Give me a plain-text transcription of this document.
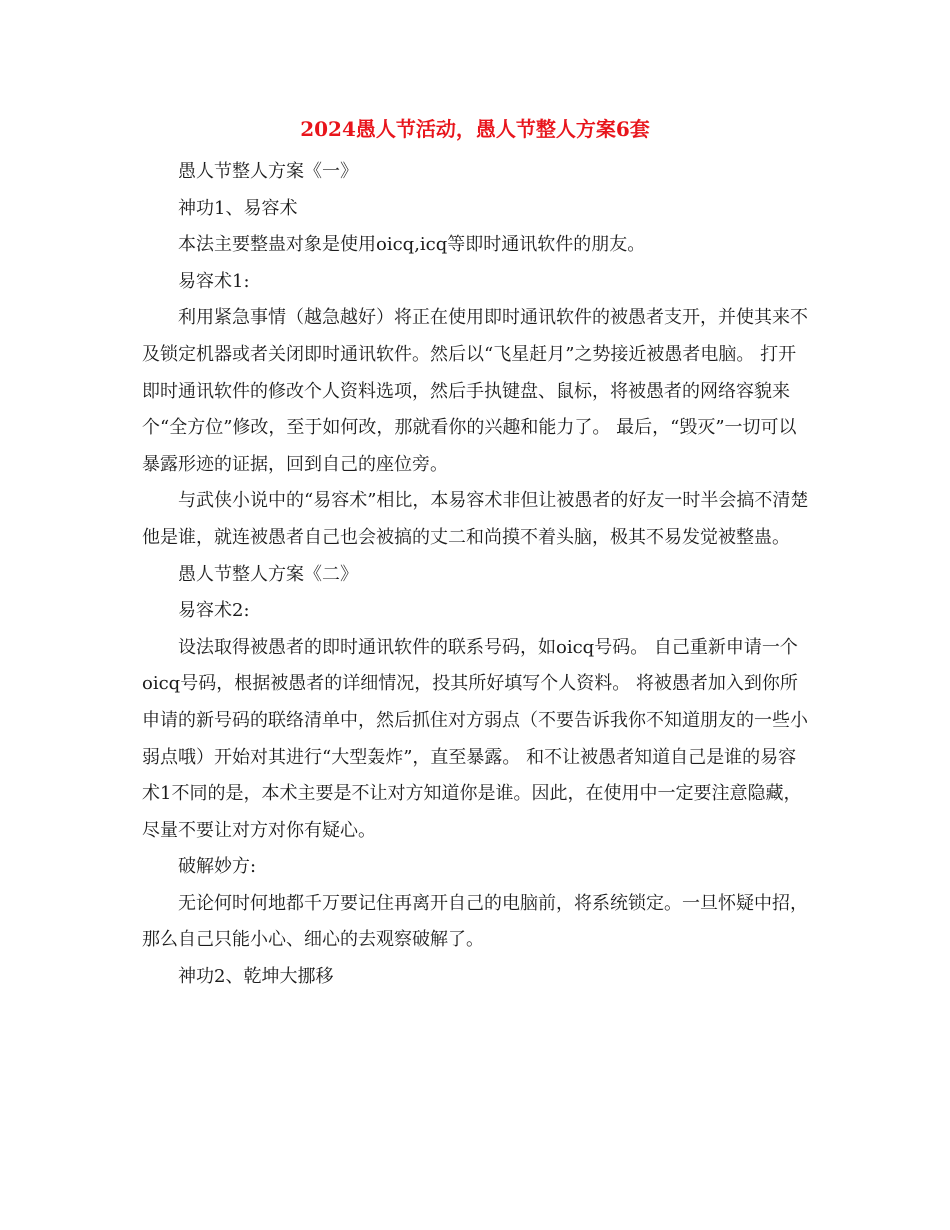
2024愚人节活动，愚人节整人方案6套

愚人节整人方案《一》

神功1、易容术

本法主要整蛊对象是使用oicq,icq等即时通讯软件的朋友。

易容术1:

利用紧急事情（越急越好）将正在使用即时通讯软件的被愚者支开，并使其来不及锁定机器或者关闭即时通讯软件。然后以“飞星赶月”之势接近被愚者电脑。 打开即时通讯软件的修改个人资料选项，然后手执键盘、鼠标，将被愚者的网络容貌来个“全方位”修改，至于如何改，那就看你的兴趣和能力了。 最后，“毁灭”一切可以暴露形迹的证据，回到自己的座位旁。

与武侠小说中的“易容术”相比，本易容术非但让被愚者的好友一时半会搞不清楚他是谁，就连被愚者自己也会被搞的丈二和尚摸不着头脑，极其不易发觉被整蛊。

愚人节整人方案《二》

易容术2:

设法取得被愚者的即时通讯软件的联系号码，如oicq号码。 自己重新申请一个oicq号码，根据被愚者的详细情况，投其所好填写个人资料。 将被愚者加入到你所申请的新号码的联络清单中，然后抓住对方弱点（不要告诉我你不知道朋友的一些小弱点哦）开始对其进行“大型轰炸”，直至暴露。 和不让被愚者知道自己是谁的易容术1不同的是，本术主要是不让对方知道你是谁。因此，在使用中一定要注意隐藏，尽量不要让对方对你有疑心。

破解妙方:

无论何时何地都千万要记住再离开自己的电脑前，将系统锁定。一旦怀疑中招，那么自己只能小心、细心的去观察破解了。

神功2、乾坤大挪移
